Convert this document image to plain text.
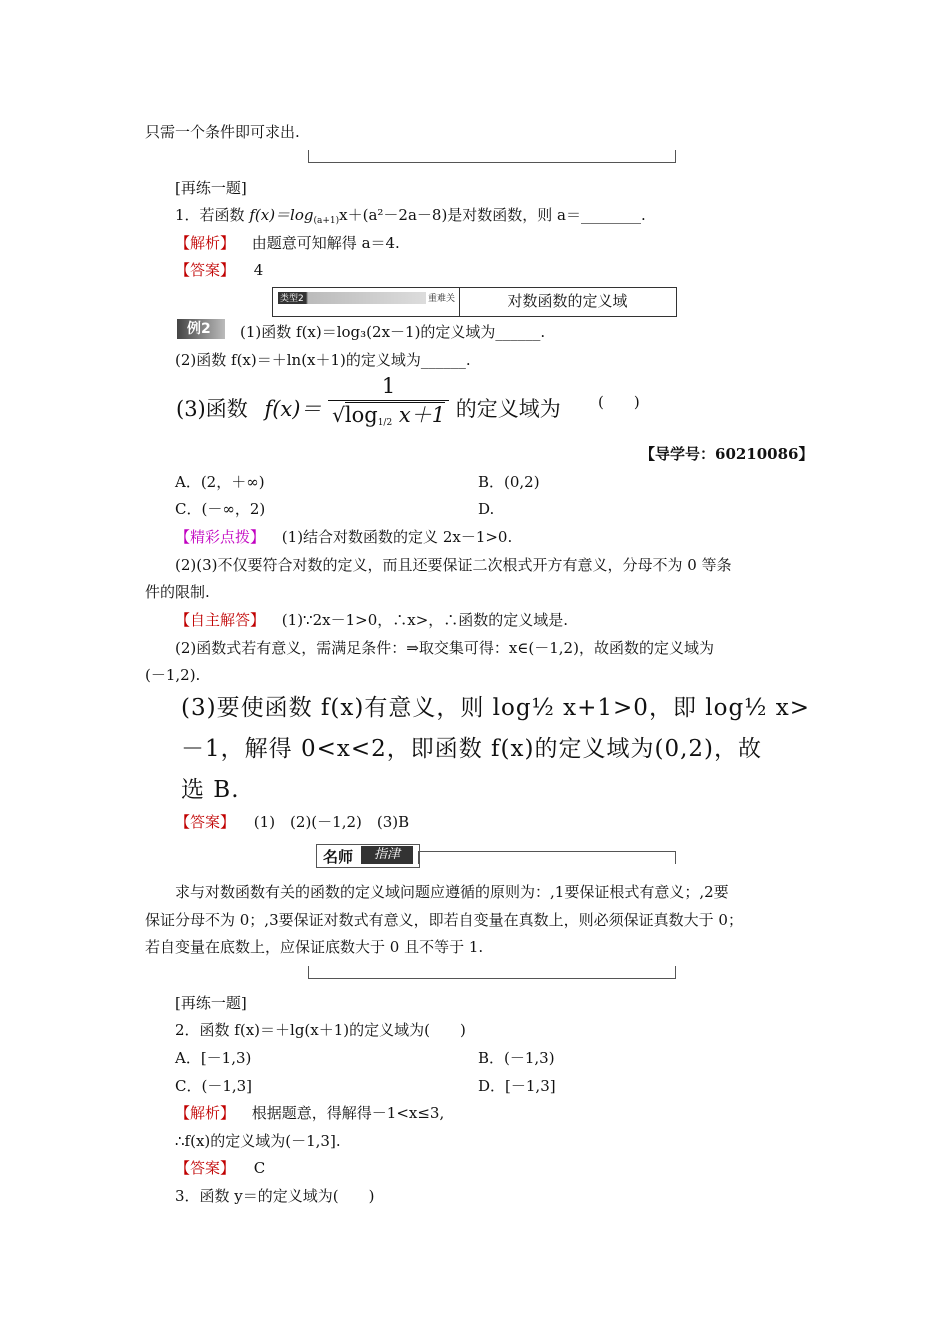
只需一个条件即可求出.
[再练一题]
1．若函数 $f(x)=\log_{(a+1)}x+(a^2-2a-8)$是对数函数，则 a＝________.
【解析】 由题意可知解得 a＝4.
【答案】 4
类型2	重难关	对数函数的定义域
例2	(1)函数 f(x)＝log₃(2x－1)的定义域为______.
(2)函数 f(x)＝＋ln(x＋1)的定义域为______.
(3)函数 $f(x)= \frac{1}{√\log_{1/2} x+1}$ 的定义域为 (　　)
【导学号：60210086】
A．(2，＋∞)	B．(0,2)
C．(－∞，2)	D.
【精彩点拨】 (1)结合对数函数的定义 2x－1>0.
(2)(3)不仅要符合对数的定义，而且还要保证二次根式开方有意义，分母不为 0 等条
件的限制.
【自主解答】 (1)∵2x－1>0，∴x>，∴函数的定义域是.
(2)函数式若有意义，需满足条件：⇒取交集可得：x∈(－1,2)，故函数的定义域为
(－1,2).
(3)要使函数 f(x)有意义，则 log½ x+1>0，即 log½ x>
－1，解得 0<x<2，即函数 f(x)的定义域为(0,2)，故
选 B.
【答案】 (1)　(2)(－1,2)　(3)B
名师	指津
求与对数函数有关的函数的定义域问题应遵循的原则为：,1要保证根式有意义；,2要
保证分母不为 0；,3要保证对数式有意义，即若自变量在真数上，则必须保证真数大于 0；
若自变量在底数上，应保证底数大于 0 且不等于 1.
[再练一题]
2．函数 f(x)＝＋lg(x＋1)的定义域为(　　)
A．[－1,3)	B．(－1,3)
C．(－1,3]	D．[－1,3]
【解析】 根据题意，得解得－1<x≤3,
∴f(x)的定义域为(－1,3].
【答案】 C
3．函数 y＝的定义域为(　　)
